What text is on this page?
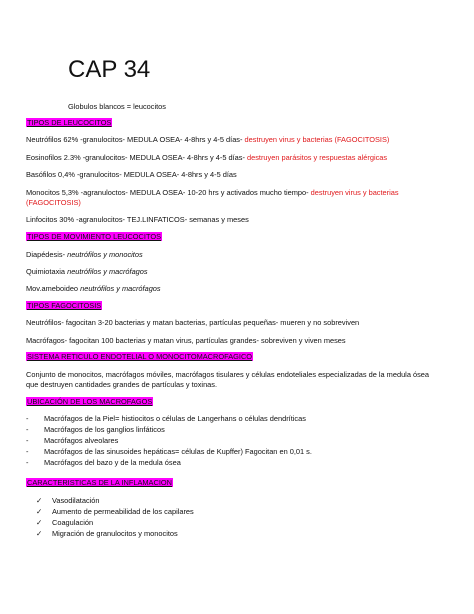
CAP 34
Globulos blancos = leucocitos
TIPOS DE LEUCOCITOS
Neutrófilos 62% -granulocitos- MEDULA OSEA- 4-8hrs y 4-5 días- destruyen virus y bacterias (FAGOCITOSIS)
Eosinofilos 2.3% -granulocitos- MEDULA OSEA- 4-8hrs y 4-5 días- destruyen parásitos y respuestas alérgicas
Basófilos 0,4% -granulocitos- MEDULA OSEA- 4-8hrs y 4-5 días
Monocitos 5,3% -agranuloctos- MEDULA OSEA- 10-20 hrs y activados mucho tiempo- destruyen virus y bacterias
(FAGOCITOSIS)
Linfocitos 30% -agranulocitos- TEJ.LINFATICOS- semanas y meses
TIPOS DE MOVIMIENTO LEUCOCITOS
Diapédesis- neutrófilos y monocitos
Quimiotaxia neutrófilos y macrófagos
Mov.ameboideo neutrófilos y macrófagos
TIPOS FAGOCITOSIS
Neutrófilos- fagocitan 3-20 bacterias y matan bacterias, partículas pequeñas- mueren y no sobreviven
Macrófagos- fagocitan 100 bacterias y matan virus, partículas grandes- sobreviven y viven meses
SISTEMA RETICULO ENDOTELIAL O MONOCITOMACROFAGICO
Conjunto de monocitos, macrófagos móviles, macrófagos tisulares y células endoteliales especializadas de la medula ósea
que destruyen cantidades grandes de partículas y toxinas.
UBICACIÓN DE LOS MACROFAGOS
- Macrófagos de la Piel= histiocitos o células de Langerhans o células dendríticas
- Macrófagos de los ganglios linfáticos
- Macrófagos alveolares
- Macrófagos de las sinusoides hepáticas= células de Kupffer) Fagocitan en 0,01 s.
- Macrófagos del bazo y de la medula ósea
CARACTERISTICAS DE LA INFLAMACION
✓ Vasodilatación
✓ Aumento de permeabilidad de los capilares
✓ Coagulación
✓ Migración de granulocitos y monocitos
